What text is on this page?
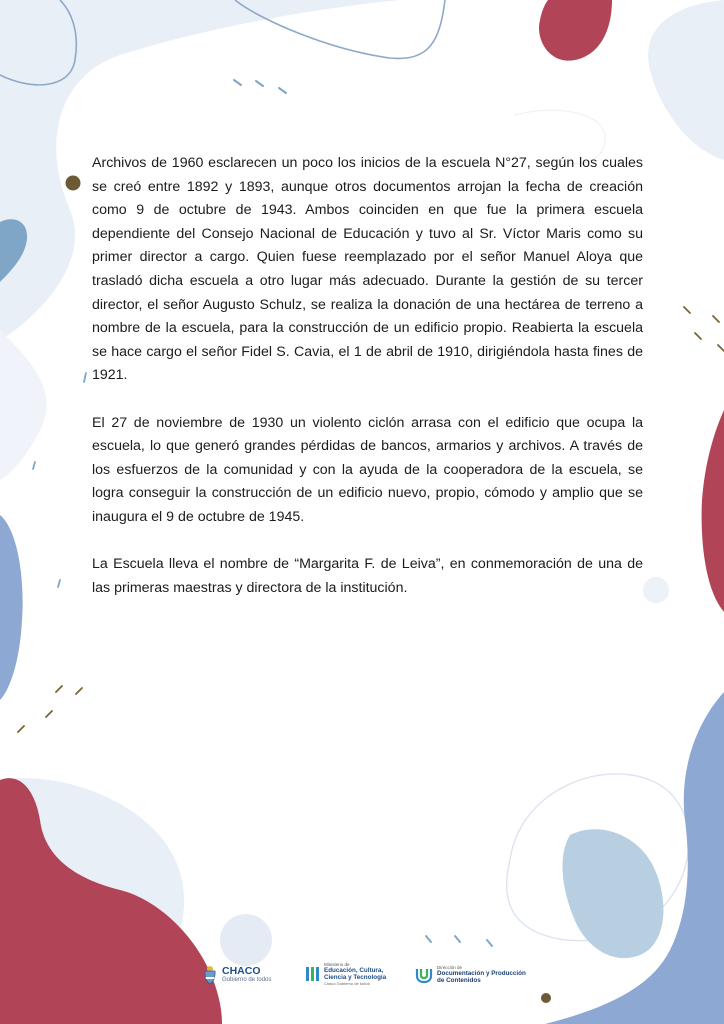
Archivos de 1960 esclarecen un poco los inicios de la escuela N°27, según los cuales se creó entre 1892 y 1893, aunque otros documentos arrojan la fecha de creación como 9 de octubre de 1943. Ambos coinciden en que fue la primera escuela dependiente del Consejo Nacional de Educación y tuvo al Sr. Víctor Maris como su primer director a cargo. Quien fuese reemplazado por el señor Manuel Aloya que trasladó dicha escuela a otro lugar más adecuado. Durante la gestión de su tercer director, el señor Augusto Schulz, se realiza la donación de una hectárea de terreno a nombre de la escuela, para la construcción de un edificio propio. Reabierta la escuela se hace cargo el señor Fidel S. Cavia, el 1 de abril de 1910, dirigiéndola hasta fines de 1921.

El 27 de noviembre de 1930 un violento ciclón arrasa con el edificio que ocupa la escuela, lo que generó grandes pérdidas de bancos, armarios y archivos. A través de los esfuerzos de la comunidad y con la ayuda de la cooperadora de la escuela, se logra conseguir la construcción de un edificio nuevo, propio, cómodo y amplio que se inaugura el 9 de octubre de 1945.

La Escuela lleva el nombre de “Margarita F. de Leiva”, en conmemoración de una de las primeras maestras y directora de la institución.

CHACO
Gobierno de todos
Ministerio de
Educación, Cultura,
Ciencia y Tecnología
Chaco Gobierno de todos
Dirección de
Documentación y Producción
de Contenidos
